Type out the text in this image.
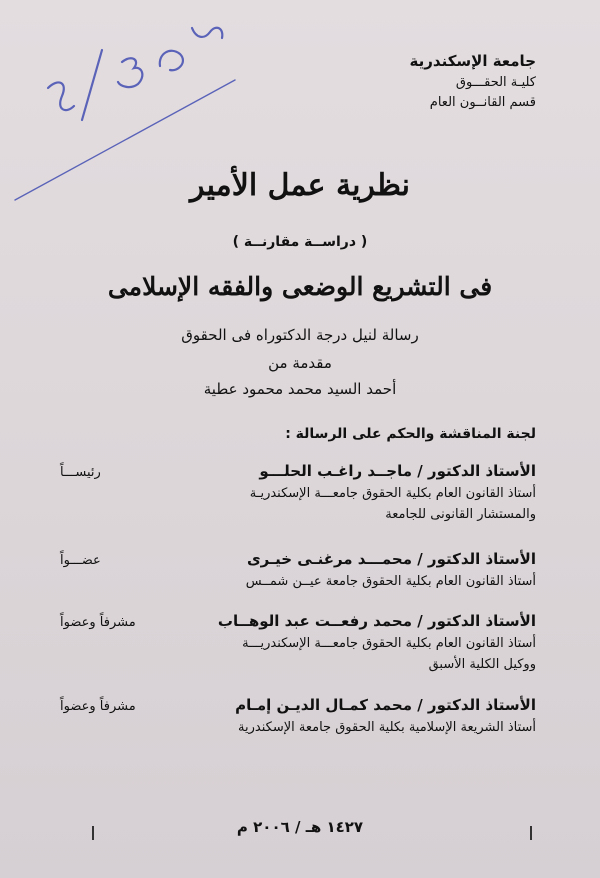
٦/٣٥٦
جامعة الإسكندرية
كليـة الحقـــوق
قسم القانــون العام
نظرية عمل الأمير
( دراســة مقارنــة )
فى التشريع الوضعى والفقه الإسلامى
رسالة لنيل درجة الدكتوراه فى الحقوق
مقدمة من
أحمد السيد محمد محمود عطية
لجنة المناقشة والحكم على الرسالة :
الأستاذ الدكتور / ماجــد راغـب الحلـــو
رئيســـاً
أستاذ القانون العام بكلية الحقوق جامعـــة الإسكندريـة
والمستشار القانونى للجامعة
الأستاذ الدكتور / محمـــد مرغنـى خيـرى
عضـــواً
أستاذ القانون العام بكلية الحقوق جامعة عيــن شمــس
الأستاذ الدكتور / محمد رفعــت عبد الوهــاب
مشرفاً وعضواً
أستاذ القانون العام بكلية الحقوق جامعـــة الإسكندريـــة
ووكيل الكلية الأسبق
الأستاذ الدكتور / محمد كمـال الديـن إمـام
مشرفاً وعضواً
أستاذ الشريعة الإسلامية بكلية الحقوق جامعة الإسكندرية
١٤٢٧ هـ / ٢٠٠٦ م
